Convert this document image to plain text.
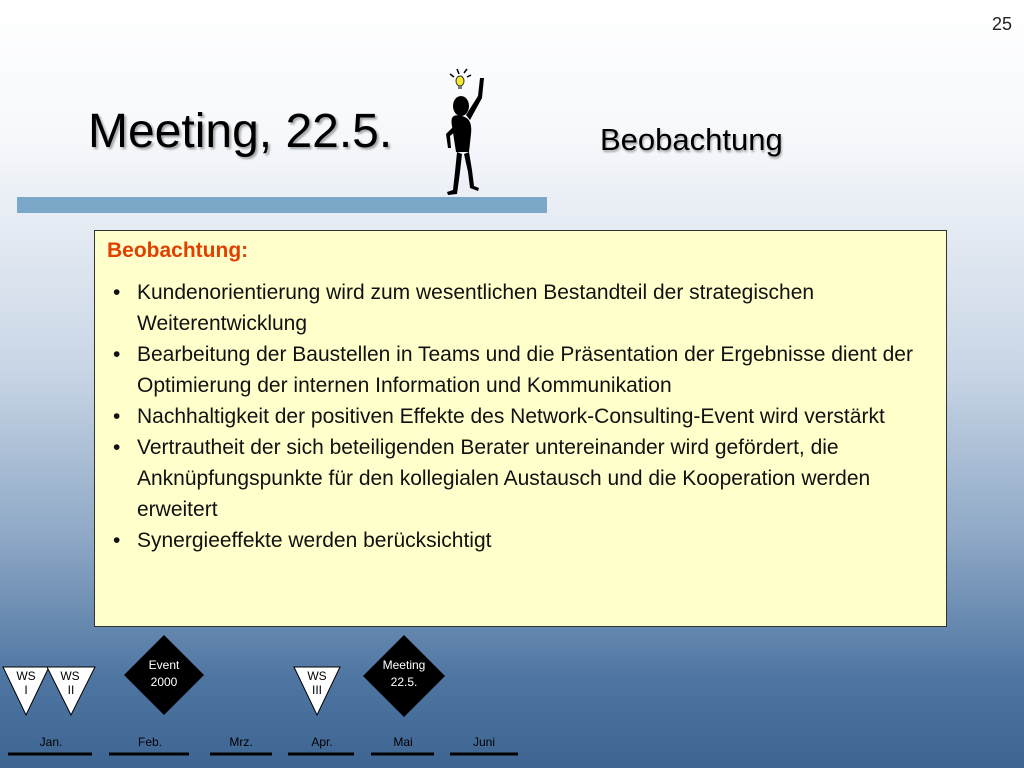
25
Meeting, 22.5.	Beobachtung
Beobachtung:
• Kundenorientierung wird zum wesentlichen Bestandteil der strategischen Weiterentwicklung
• Bearbeitung der Baustellen in Teams und die Präsentation der Ergebnisse dient der Optimierung der internen Information und Kommunikation
• Nachhaltigkeit der positiven Effekte des Network-Consulting-Event wird verstärkt
• Vertrautheit der sich beteiligenden Berater untereinander wird gefördert, die Anknüpfungspunkte für den kollegialen Austausch und die Kooperation werden erweitert
• Synergieeffekte werden berücksichtigt
WS
I
WS
II
Event
2000	WS
III
Meeting
22.5.
Jan.	Feb.	Mrz.	Apr.	Mai	Juni
